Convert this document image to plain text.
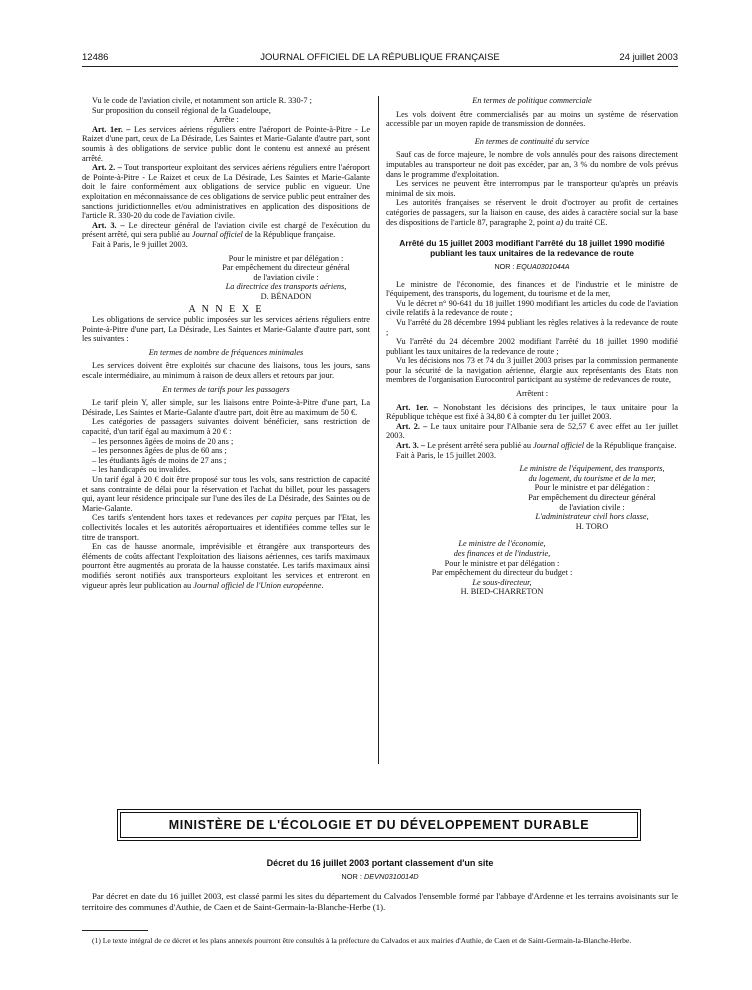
12486	JOURNAL OFFICIEL DE LA RÉPUBLIQUE FRANÇAISE	24 juillet 2003

Vu le code de l'aviation civile, et notamment son article R. 330-7 ;

Sur proposition du conseil régional de la Guadeloupe,

Arrête :

Art. 1er. – Les services aériens réguliers entre l'aéroport de Pointe-à-Pitre - Le Raizet d'une part, ceux de La Désirade, Les Saintes et Marie-Galante d'autre part, sont soumis à des obligations de service public dont le contenu est annexé au présent arrêté.

Art. 2. – Tout transporteur exploitant des services aériens réguliers entre l'aéroport de Pointe-à-Pitre - Le Raizet et ceux de La Désirade, Les Saintes et Marie-Galante doit le faire conformément aux obligations de service public en vigueur. Une exploitation en méconnaissance de ces obligations de service public peut entraîner des sanctions juridictionnelles et/ou administratives en application des dispositions de l'article R. 330-20 du code de l'aviation civile.

Art. 3. – Le directeur général de l'aviation civile est chargé de l'exécution du présent arrêté, qui sera publié au Journal officiel de la République française.

Fait à Paris, le 9 juillet 2003.

Pour le ministre et par délégation :

Par empêchement du directeur général

de l'aviation civile :

La directrice des transports aériens,

D. BÉNADON

A N N E X E

Les obligations de service public imposées sur les services aériens réguliers entre Pointe-à-Pitre d'une part, La Désirade, Les Saintes et Marie-Galante d'autre part, sont les suivantes :

En termes de nombre de fréquences minimales

Les services doivent être exploités sur chacune des liaisons, tous les jours, sans escale intermédiaire, au minimum à raison de deux allers et retours par jour.

En termes de tarifs pour les passagers

Le tarif plein Y, aller simple, sur les liaisons entre Pointe-à-Pitre d'une part, La Désirade, Les Saintes et Marie-Galante d'autre part, doit être au maximum de 50 €.

Les catégories de passagers suivantes doivent bénéficier, sans restriction de capacité, d'un tarif égal au maximum à 20 € :

– les personnes âgées de moins de 20 ans ;
– les personnes âgées de plus de 60 ans ;
– les étudiants âgés de moins de 27 ans ;
– les handicapés ou invalides.

Un tarif égal à 20 € doit être proposé sur tous les vols, sans restriction de capacité et sans contrainte de délai pour la réservation et l'achat du billet, pour les passagers qui, ayant leur résidence principale sur l'une des îles de La Désirade, des Saintes ou de Marie-Galante.

Ces tarifs s'entendent hors taxes et redevances per capita perçues par l'Etat, les collectivités locales et les autorités aéroportuaires et identifiées comme telles sur le titre de transport.

En cas de hausse anormale, imprévisible et étrangère aux transporteurs des éléments de coûts affectant l'exploitation des liaisons aériennes, ces tarifs maximaux pourront être augmentés au prorata de la hausse constatée. Les tarifs maximaux ainsi modifiés seront notifiés aux transporteurs exploitant les services et entreront en vigueur après leur publication au Journal officiel de l'Union européenne.

En termes de politique commerciale

Les vols doivent être commercialisés par au moins un système de réservation accessible par un moyen rapide de transmission de données.

En termes de continuité du service

Sauf cas de force majeure, le nombre de vols annulés pour des raisons directement imputables au transporteur ne doit pas excéder, par an, 3 % du nombre de vols prévus dans le programme d'exploitation.

Les services ne peuvent être interrompus par le transporteur qu'après un préavis minimal de six mois.

Les autorités françaises se réservent le droit d'octroyer au profit de certaines catégories de passagers, sur la liaison en cause, des aides à caractère social sur la base des dispositions de l'article 87, paragraphe 2, point a) du traité CE.

Arrêté du 15 juillet 2003 modifiant l'arrêté du 18 juillet 1990 modifié publiant les taux unitaires de la redevance de route

NOR : EQUA0301044A

Le ministre de l'économie, des finances et de l'industrie et le ministre de l'équipement, des transports, du logement, du tourisme et de la mer,

Vu le décret n° 90-641 du 18 juillet 1990 modifiant les articles du code de l'aviation civile relatifs à la redevance de route ;

Vu l'arrêté du 28 décembre 1994 publiant les règles relatives à la redevance de route ;

Vu l'arrêté du 24 décembre 2002 modifiant l'arrêté du 18 juillet 1990 modifié publiant les taux unitaires de la redevance de route ;

Vu les décisions nos 73 et 74 du 3 juillet 2003 prises par la commission permanente pour la sécurité de la navigation aérienne, élargie aux représentants des Etats non membres de l'organisation Eurocontrol participant au système de redevances de route,

Arrêtent :

Art. 1er. – Nonobstant les décisions des principes, le taux unitaire pour la République tchèque est fixé à 34,80 € à compter du 1er juillet 2003.

Art. 2. – Le taux unitaire pour l'Albanie sera de 52,57 € avec effet au 1er juillet 2003.

Art. 3. – Le présent arrêté sera publié au Journal officiel de la République française.

Fait à Paris, le 15 juillet 2003.

Le ministre de l'équipement, des transports,

du logement, du tourisme et de la mer,

Pour le ministre et par délégation :

Par empêchement du directeur général

de l'aviation civile :

L'administrateur civil hors classe,

H. TORO

Le ministre de l'économie,

des finances et de l'industrie,

Pour le ministre et par délégation :

Par empêchement du directeur du budget :

Le sous-directeur,

H. BIED-CHARRETON

MINISTÈRE DE L'ÉCOLOGIE ET DU DÉVELOPPEMENT DURABLE
Décret du 16 juillet 2003 portant classement d'un site
NOR : DEVN0310014D

Par décret en date du 16 juillet 2003, est classé parmi les sites du département du Calvados l'ensemble formé par l'abbaye d'Ardenne et les terrains avoisinants sur le territoire des communes d'Authie, de Caen et de Saint-Germain-la-Blanche-Herbe (1).

(1) Le texte intégral de ce décret et les plans annexés pourront être consultés à la préfecture du Calvados et aux mairies d'Authie, de Caen et de Saint-Germain-la-Blanche-Herbe.
